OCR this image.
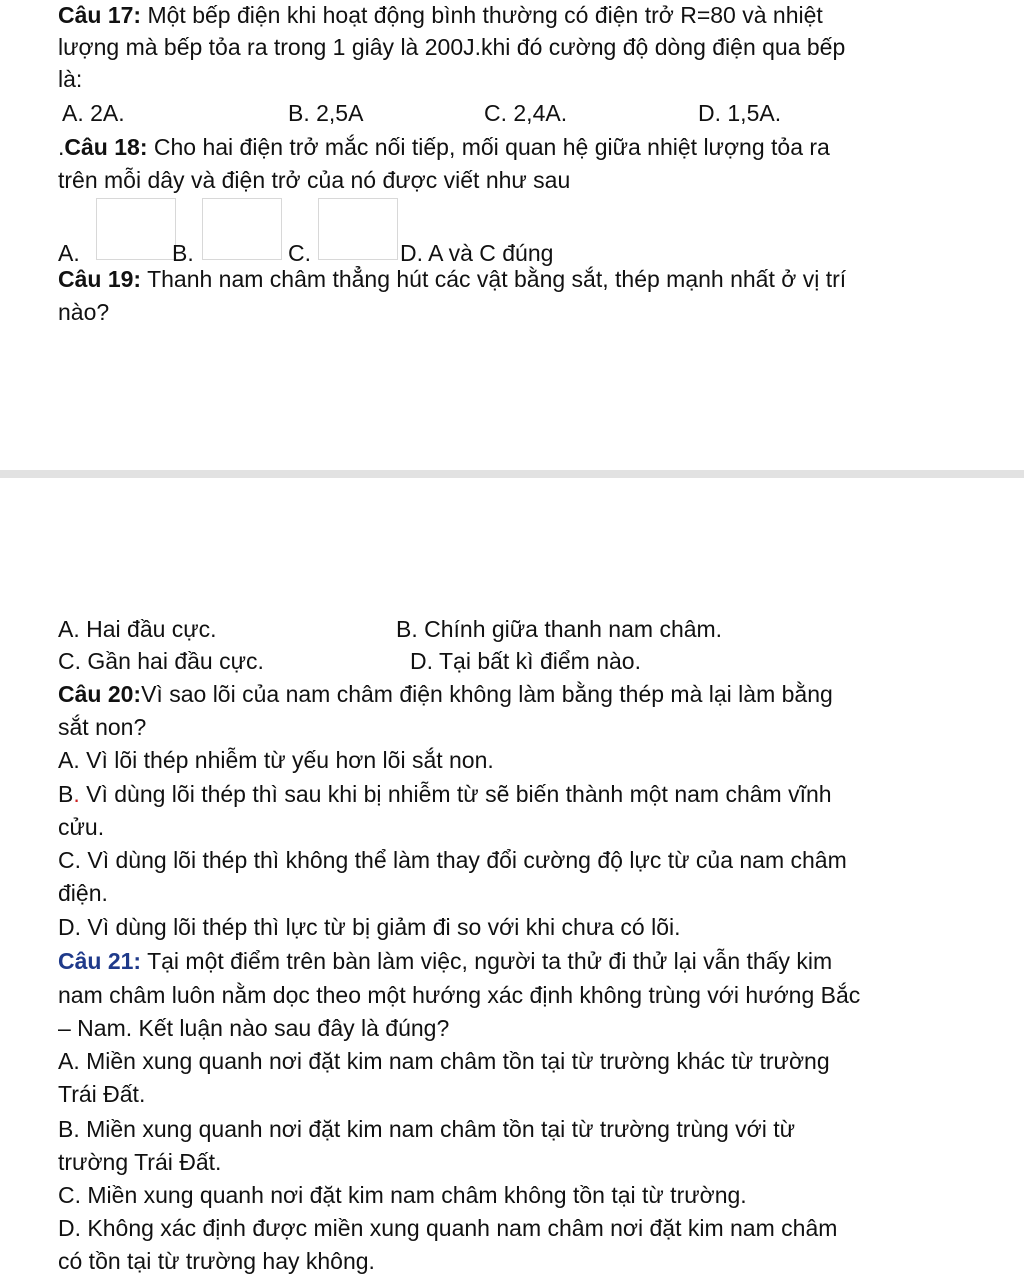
Câu 17: Một bếp điện khi hoạt động bình thường có điện trở R=80 và nhiệt
lượng mà bếp tỏa ra trong 1 giây là 200J.khi đó cường độ dòng điện qua bếp
là:
A. 2A.	B. 2,5A	C. 2,4A.	D. 1,5A.
.Câu 18: Cho hai điện trở mắc nối tiếp, mối quan hệ giữa nhiệt lượng tỏa ra
trên mỗi dây và điện trở của nó được viết như sau
A.	B.	C.	D. A và C đúng
Câu 19: Thanh nam châm thẳng hút các vật bằng sắt, thép mạnh nhất ở vị trí
nào?
A. Hai đầu cực.	B. Chính giữa thanh nam châm.
C. Gần hai đầu cực.	D. Tại bất kì điểm nào.
Câu 20:Vì sao lõi của nam châm điện không làm bằng thép mà lại làm bằng
sắt non?
A. Vì lõi thép nhiễm từ yếu hơn lõi sắt non.
B. Vì dùng lõi thép thì sau khi bị nhiễm từ sẽ biến thành một nam châm vĩnh
cửu.
C. Vì dùng lõi thép thì không thể làm thay đổi cường độ lực từ của nam châm
điện.
D. Vì dùng lõi thép thì lực từ bị giảm đi so với khi chưa có lõi.
Câu 21: Tại một điểm trên bàn làm việc, người ta thử đi thử lại vẫn thấy kim
nam châm luôn nằm dọc theo một hướng xác định không trùng với hướng Bắc
– Nam. Kết luận nào sau đây là đúng?
A. Miền xung quanh nơi đặt kim nam châm tồn tại từ trường khác từ trường
Trái Đất.
B. Miền xung quanh nơi đặt kim nam châm tồn tại từ trường trùng với từ
trường Trái Đất.
C. Miền xung quanh nơi đặt kim nam châm không tồn tại từ trường.
D. Không xác định được miền xung quanh nam châm nơi đặt kim nam châm
có tồn tại từ trường hay không.
